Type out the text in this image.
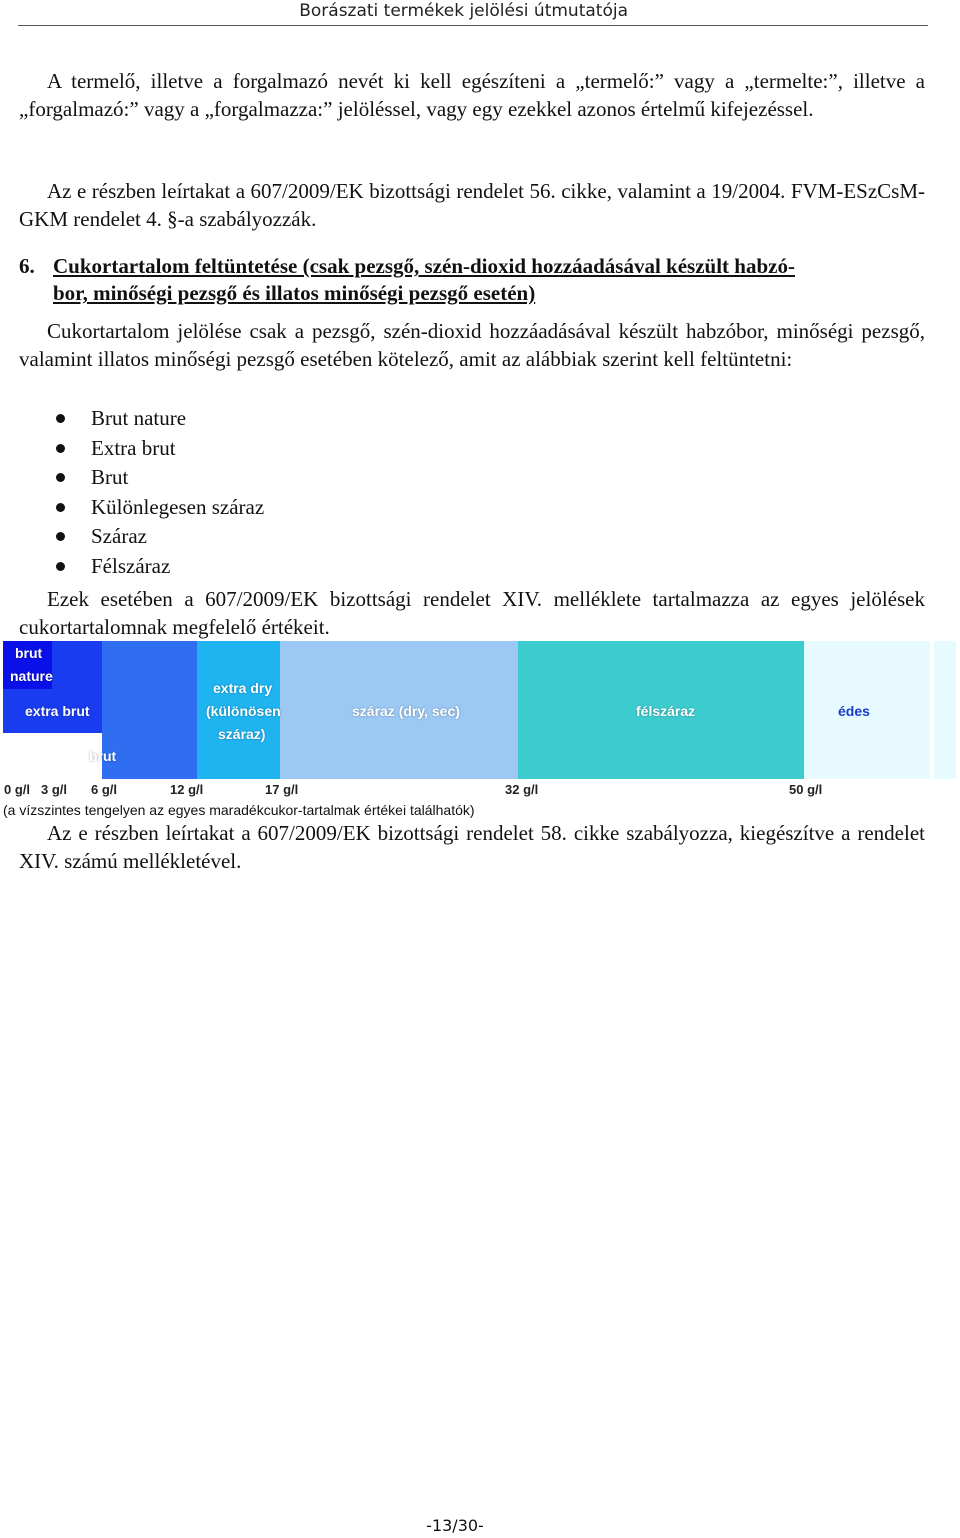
Borászati termékek jelölési útmutatója
A termelő, illetve a forgalmazó nevét ki kell egészíteni a „termelő:” vagy a „termelte:”, illetve a „forgalmazó:” vagy a „forgalmazza:” jelöléssel, vagy egy ezekkel azonos értelmű kifejezéssel.
Az e részben leírtakat a 607/2009/EK bizottsági rendelet 56. cikke, valamint a 19/2004. FVM-ESzCsM-GKM rendelet 4. §-a szabályozzák.
6. Cukortartalom feltüntetése (csak pezsgő, szén-dioxid hozzáadásával készült habzó-
bor, minőségi pezsgő és illatos minőségi pezsgő esetén)
Cukortartalom jelölése csak a pezsgő, szén-dioxid hozzáadásával készült habzóbor, minőségi pezsgő, valamint illatos minőségi pezsgő esetében kötelező, amit az alábbiak szerint kell feltüntetni:
Brut nature
Extra brut
Brut
Különlegesen száraz
Száraz
Félszáraz
Ezek esetében a 607/2009/EK bizottsági rendelet XIV. melléklete tartalmazza az egyes jelölések cukortartalomnak megfelelő értékeit.
brut
nature
extra brut
brut
extra dry
(különösen
száraz)
száraz (dry, sec)	félszáraz	édes
0 g/l 3 g/l 6 g/l	12 g/l	17 g/l	32 g/l	50 g/l
(a vízszintes tengelyen az egyes maradékcukor-tartalmak értékei találhatók)
Az e részben leírtakat a 607/2009/EK bizottsági rendelet 58. cikke szabályozza, kiegészítve a rendelet XIV. számú mellékletével.
-13/30-
